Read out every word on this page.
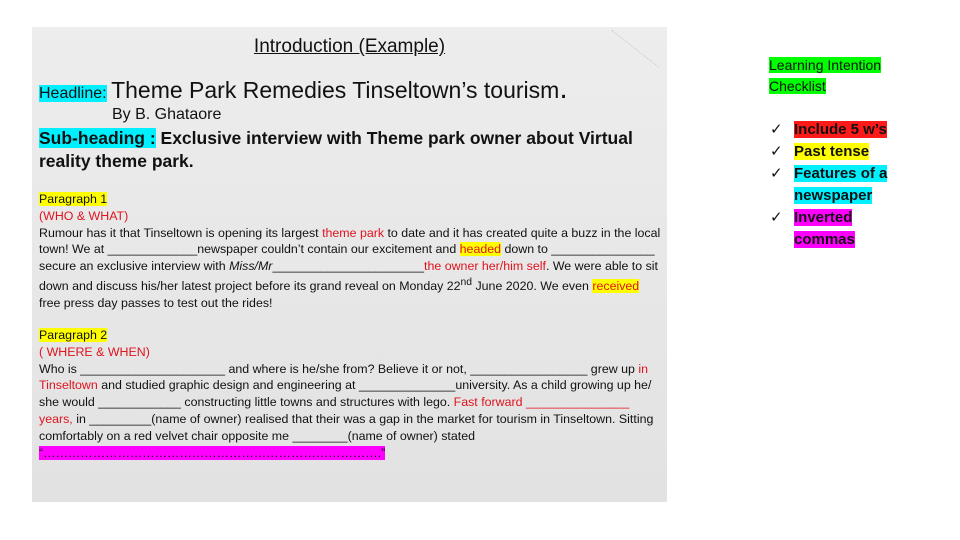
Introduction (Example)
Headline: Theme Park Remedies Tinseltown’s tourism.
By B. Ghataore
Sub-heading : Exclusive interview with Theme park owner about Virtual reality theme park.
Paragraph 1
(WHO & WHAT)
Rumour has it that Tinseltown is opening its largest theme park to date and it has created quite a buzz in the local town! We at _____________newspaper couldn’t contain our excitement and headed down to _______________ secure an exclusive interview with Miss/Mr______________________the owner her/him self. We were able to sit down and discuss his/her latest project before its grand reveal on Monday 22nd June 2020. We even received free press day passes to test out the rides!
Paragraph 2
( WHERE & WHEN)
Who is _____________________ and where is he/she from? Believe it or not, _________________ grew up in Tinseltown and studied graphic design and engineering at ______________university. As a child growing up he/ she would ____________ constructing little towns and structures with lego. Fast forward _______________ years, in _________(name of owner) realised that their was a gap in the market for tourism in Tinseltown. Sitting comfortably on a red velvet chair opposite me ________(name of owner) stated “……………………………………………………………………….”
Learning Intention Checklist
✓ Include 5 w’s
✓ Past tense
✓ Features of a newspaper
✓ Inverted commas
